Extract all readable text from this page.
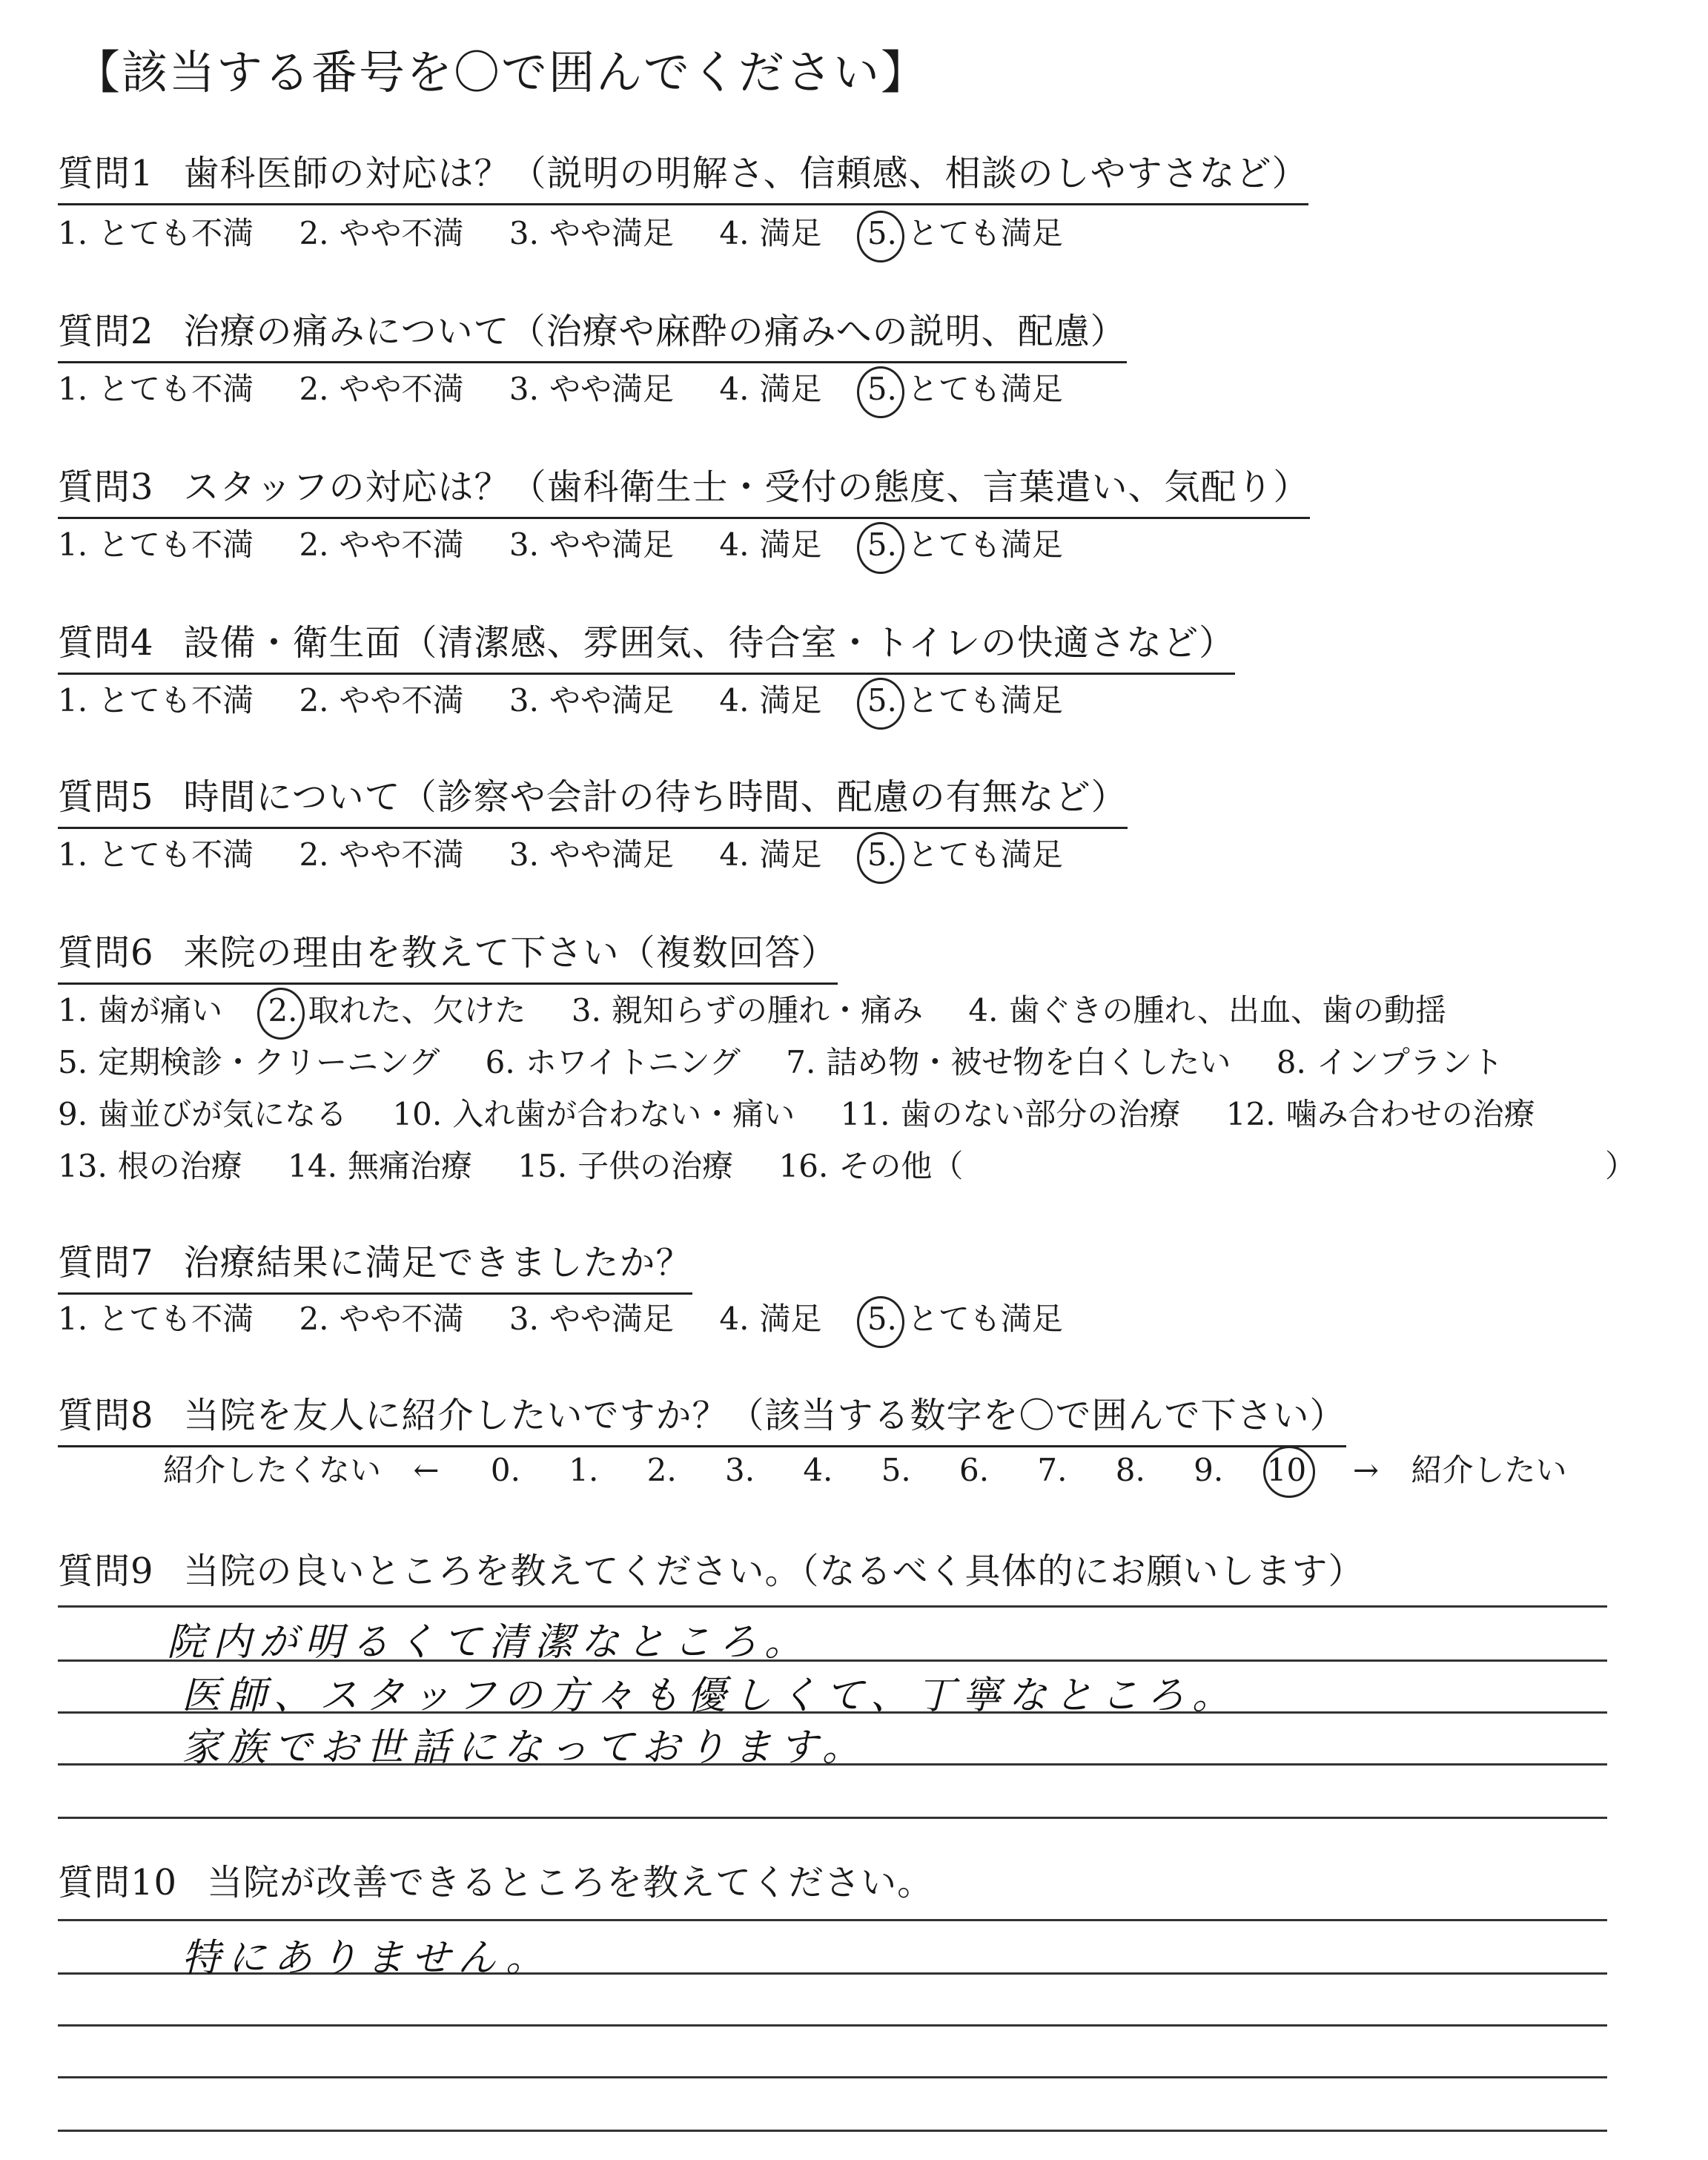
【該当する番号を〇で囲んでください】
質問1 歯科医師の対応は？（説明の明解さ、信頼感、相談のしやすさなど）
1. とても不満 2. やや不満 3. やや満足 4. 満足 5. とても満足
質問2 治療の痛みについて（治療や麻酔の痛みへの説明、配慮）
1. とても不満 2. やや不満 3. やや満足 4. 満足 5. とても満足
質問3 スタッフの対応は？（歯科衛生士・受付の態度、言葉遣い、気配り）
1. とても不満 2. やや不満 3. やや満足 4. 満足 5. とても満足
質問4 設備・衛生面（清潔感、雰囲気、待合室・トイレの快適さなど）
1. とても不満 2. やや不満 3. やや満足 4. 満足 5. とても満足
質問5 時間について（診察や会計の待ち時間、配慮の有無など）
1. とても不満 2. やや不満 3. やや満足 4. 満足 5. とても満足
質問6 来院の理由を教えて下さい（複数回答）
1. 歯が痛い 2. 取れた、欠けた 3. 親知らずの腫れ・痛み 4. 歯ぐきの腫れ、出血、歯の動揺
5. 定期検診・クリーニング 6. ホワイトニング 7. 詰め物・被せ物を白くしたい 8. インプラント
9. 歯並びが気になる 10. 入れ歯が合わない・痛い 11. 歯のない部分の治療 12. 噛み合わせの治療
13. 根の治療 14. 無痛治療 15. 子供の治療 16. その他（	）
質問7 治療結果に満足できましたか？
1. とても不満 2. やや不満 3. やや満足 4. 満足 5. とても満足
質問8 当院を友人に紹介したいですか？（該当する数字を〇で囲んで下さい）
紹介したくない ← 0. 1. 2. 3. 4. 5. 6. 7. 8. 9. 10 → 紹介したい
質問9 当院の良いところを教えてください。（なるべく具体的にお願いします）
院内が明るくて清潔なところ。
医師、スタッフの方々も優しくて、丁寧なところ。
家族でお世話になっております。
質問10 当院が改善できるところを教えてください。
特にありません。
